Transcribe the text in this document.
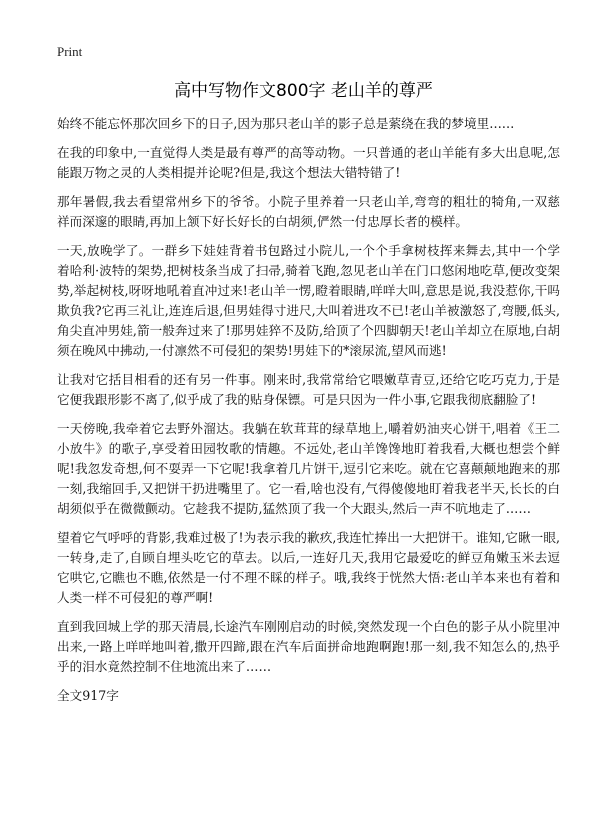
Print

高中写物作文800字 老山羊的尊严

始终不能忘怀那次回乡下的日子,因为那只老山羊的影子总是萦绕在我的梦境里……

在我的印象中,一直觉得人类是最有尊严的高等动物。一只普通的老山羊能有多大出息呢,怎能跟万物之灵的人类相提并论呢?但是,我这个想法大错特错了!

那年暑假,我去看望常州乡下的爷爷。小院子里养着一只老山羊,弯弯的粗壮的犄角,一双慈祥而深邃的眼睛,再加上颔下好长好长的白胡须,俨然一付忠厚长者的模样。

一天,放晚学了。一群乡下娃娃背着书包路过小院儿,一个个手拿树枝挥来舞去,其中一个学着哈利·波特的架势,把树枝条当成了扫帚,骑着飞跑,忽见老山羊在门口悠闲地吃草,便改变架势,举起树枝,呀呀地吼着直冲过来!老山羊一愣,瞪着眼睛,咩咩大叫,意思是说,我没惹你,干吗欺负我?它再三礼让,连连后退,但男娃得寸进尺,大叫着进攻不已!老山羊被激怒了,弯腰,低头,角尖直冲男娃,箭一般奔过来了!那男娃猝不及防,给顶了个四脚朝天!老山羊却立在原地,白胡须在晚风中拂动,一付凛然不可侵犯的架势!男娃下的*滚尿流,望风而逃!

让我对它括目相看的还有另一件事。刚来时,我常常给它喂嫩草青豆,还给它吃巧克力,于是它便我跟形影不离了,似乎成了我的贴身保镖。可是只因为一件小事,它跟我彻底翻脸了!

一天傍晚,我牵着它去野外溜达。我躺在软茸茸的绿草地上,嚼着奶油夹心饼干,唱着《王二小放牛》的歌子,享受着田园牧歌的情趣。不远处,老山羊馋馋地盯着我看,大概也想尝个鲜呢!我忽发奇想,何不耍弄一下它呢!我拿着几片饼干,逗引它来吃。就在它喜颠颠地跑来的那一刻,我缩回手,又把饼干扔进嘴里了。它一看,啥也没有,气得傻傻地盯着我老半天,长长的白胡须似乎在微微颤动。它趁我不提防,猛然顶了我一个大跟头,然后一声不吭地走了……

望着它气呼呼的背影,我难过极了!为表示我的歉疚,我连忙捧出一大把饼干。谁知,它瞅一眼,一转身,走了,自顾自埋头吃它的草去。以后,一连好几天,我用它最爱吃的鲜豆角嫩玉米去逗它哄它,它瞧也不瞧,依然是一付不理不睬的样子。哦,我终于恍然大悟:老山羊本来也有着和人类一样不可侵犯的尊严啊!

直到我回城上学的那天清晨,长途汽车刚刚启动的时候,突然发现一个白色的影子从小院里冲出来,一路上咩咩地叫着,撒开四蹄,跟在汽车后面拼命地跑啊跑!那一刻,我不知怎么的,热乎乎的泪水竟然控制不住地流出来了……

全文917字
